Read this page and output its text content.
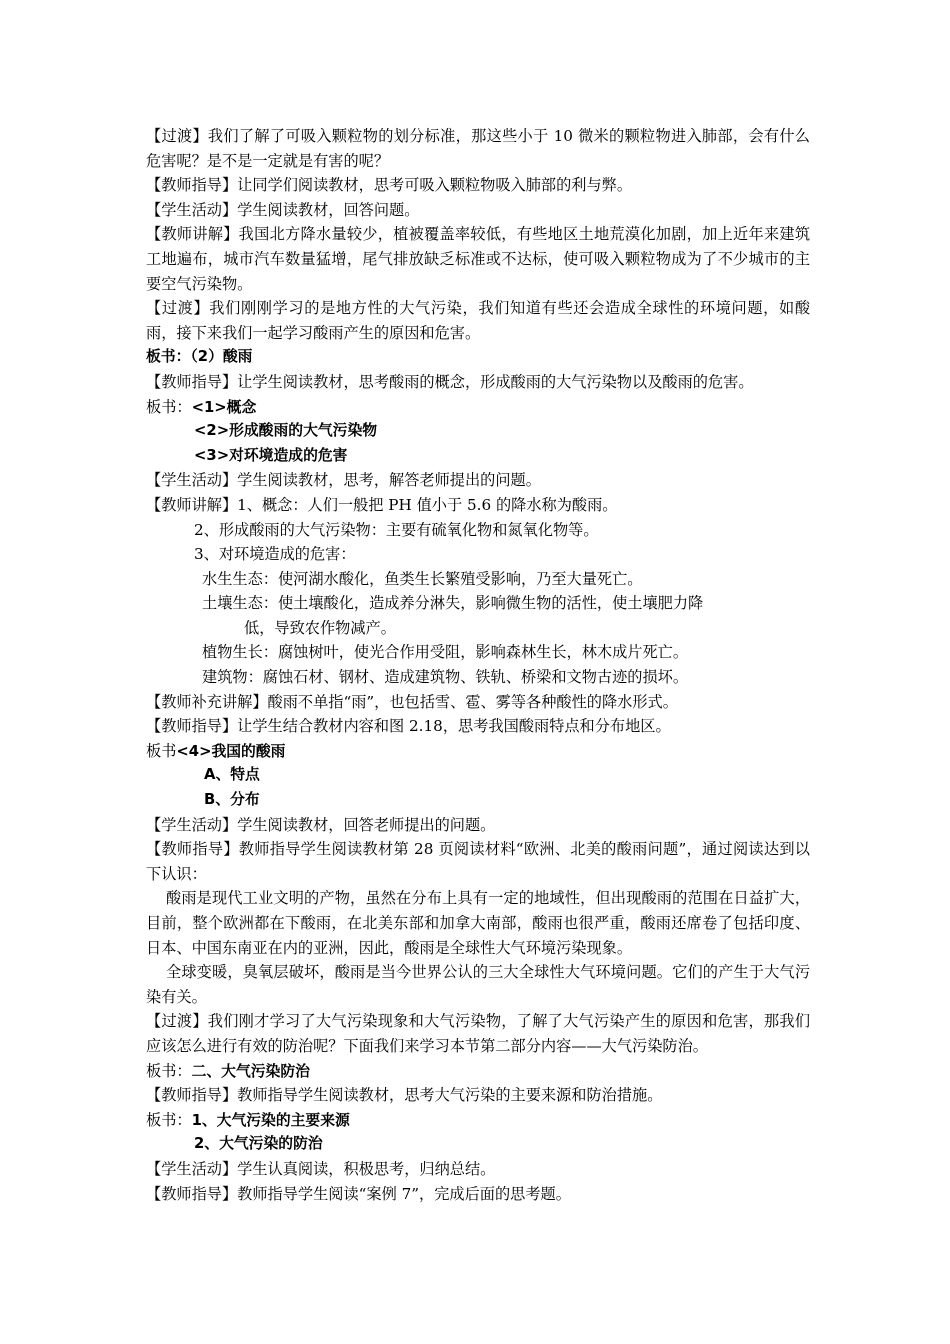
【过渡】我们了解了可吸入颗粒物的划分标准，那这些小于 10 微米的颗粒物进入肺部，会有什么危害呢？是不是一定就是有害的呢？
【教师指导】让同学们阅读教材，思考可吸入颗粒物吸入肺部的利与弊。
【学生活动】学生阅读教材，回答问题。
【教师讲解】我国北方降水量较少，植被覆盖率较低，有些地区土地荒漠化加剧，加上近年来建筑工地遍布，城市汽车数量猛增，尾气排放缺乏标准或不达标，使可吸入颗粒物成为了不少城市的主要空气污染物。
【过渡】我们刚刚学习的是地方性的大气污染，我们知道有些还会造成全球性的环境问题，如酸雨，接下来我们一起学习酸雨产生的原因和危害。
板书：（2）酸雨
【教师指导】让学生阅读教材，思考酸雨的概念，形成酸雨的大气污染物以及酸雨的危害。
板书：<1>概念
<2>形成酸雨的大气污染物
<3>对环境造成的危害
【学生活动】学生阅读教材，思考，解答老师提出的问题。
【教师讲解】1、概念：人们一般把 PH 值小于 5.6 的降水称为酸雨。
2、形成酸雨的大气污染物：主要有硫氧化物和氮氧化物等。
3、对环境造成的危害：
水生生态：使河湖水酸化，鱼类生长繁殖受影响，乃至大量死亡。
土壤生态：使土壤酸化，造成养分淋失，影响微生物的活性，使土壤肥力降
低，导致农作物减产。
植物生长：腐蚀树叶，使光合作用受阻，影响森林生长，林木成片死亡。
建筑物：腐蚀石材、钢材、造成建筑物、铁轨、桥梁和文物古迹的损坏。
【教师补充讲解】酸雨不单指“雨”，也包括雪、雹、雾等各种酸性的降水形式。
【教师指导】让学生结合教材内容和图 2.18，思考我国酸雨特点和分布地区。
板书<4>我国的酸雨
A、特点
B、分布
【学生活动】学生阅读教材，回答老师提出的问题。
【教师指导】教师指导学生阅读教材第 28 页阅读材料“欧洲、北美的酸雨问题”，通过阅读达到以下认识：
酸雨是现代工业文明的产物，虽然在分布上具有一定的地域性，但出现酸雨的范围在日益扩大，目前，整个欧洲都在下酸雨，在北美东部和加拿大南部，酸雨也很严重，酸雨还席卷了包括印度、日本、中国东南亚在内的亚洲，因此，酸雨是全球性大气环境污染现象。
全球变暖，臭氧层破坏，酸雨是当今世界公认的三大全球性大气环境问题。它们的产生于大气污染有关。
【过渡】我们刚才学习了大气污染现象和大气污染物，了解了大气污染产生的原因和危害，那我们应该怎么进行有效的防治呢？下面我们来学习本节第二部分内容——大气污染防治。
板书：二、大气污染防治
【教师指导】教师指导学生阅读教材，思考大气污染的主要来源和防治措施。
板书：1、大气污染的主要来源
2、大气污染的防治
【学生活动】学生认真阅读，积极思考，归纳总结。
【教师指导】教师指导学生阅读“案例 7”，完成后面的思考题。
